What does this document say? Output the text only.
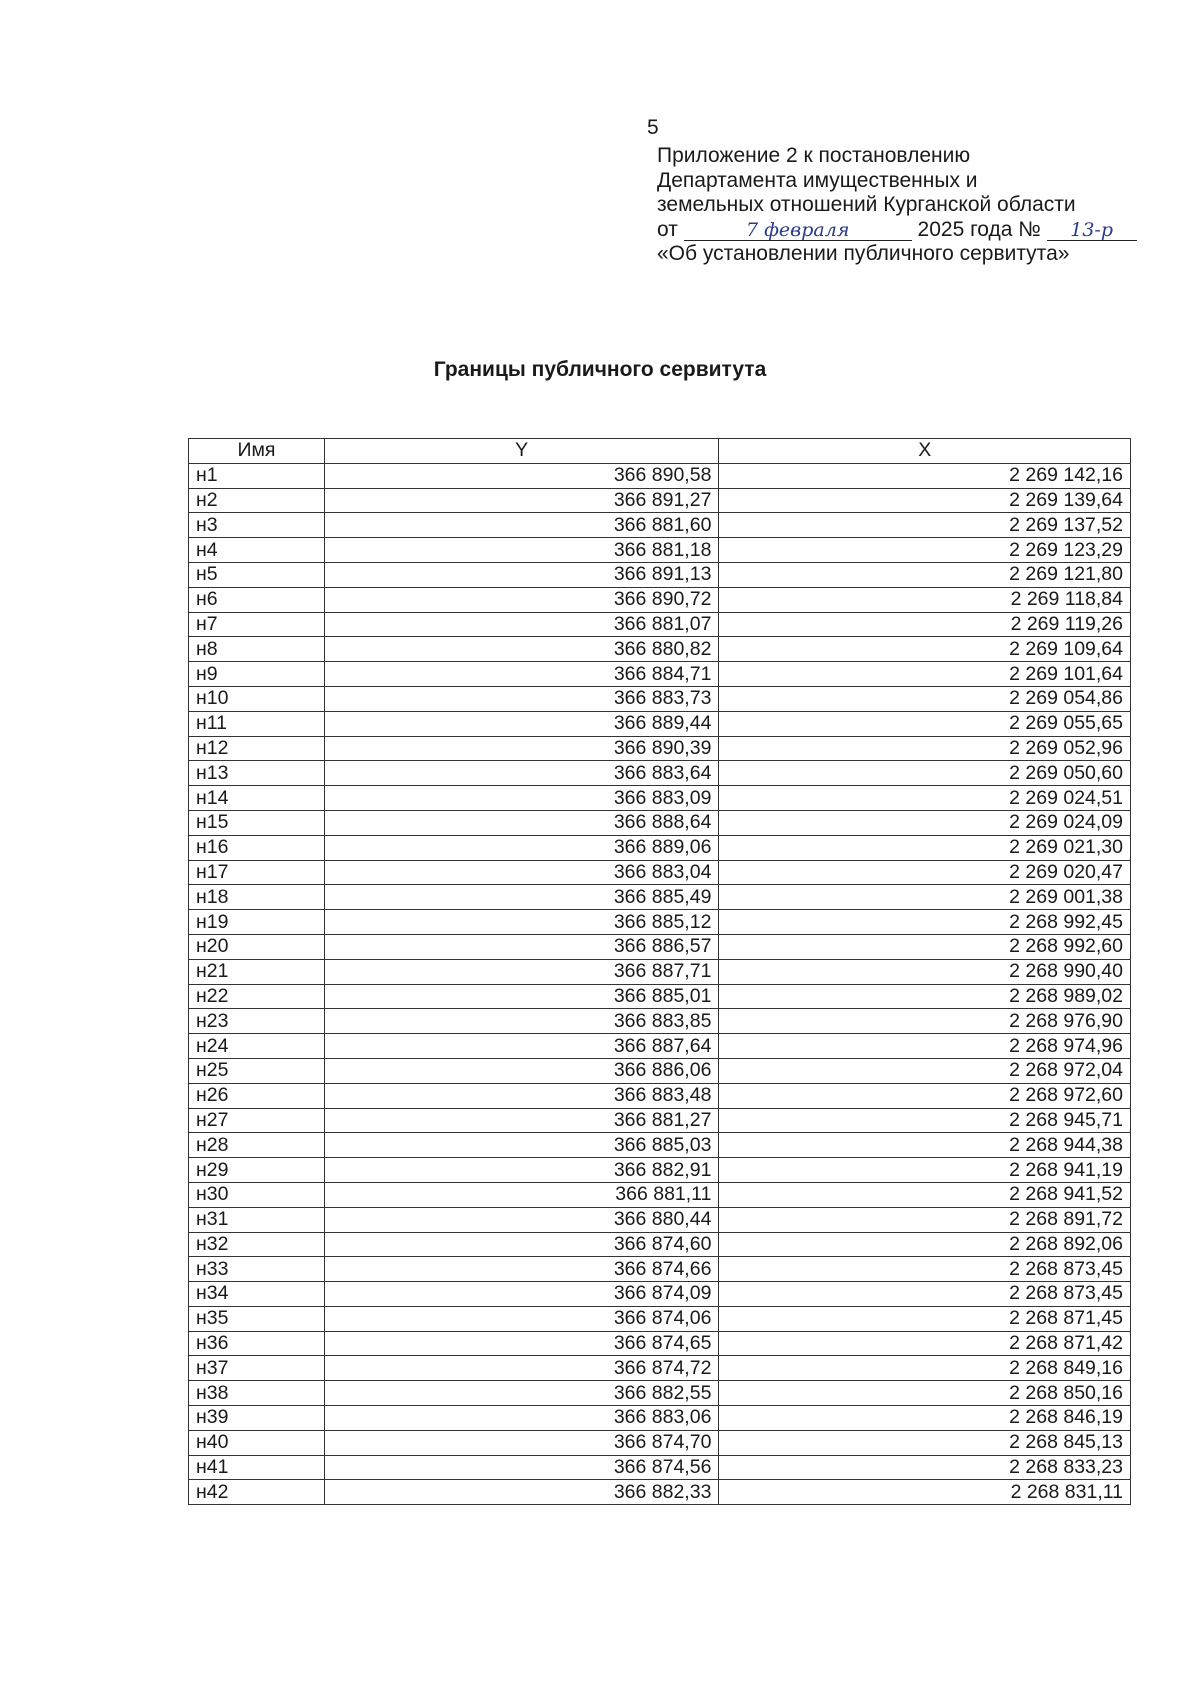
5
Приложение 2 к постановлению
Департамента имущественных и
земельных отношений Курганской области
от	7 февраля	2025 года № 13-р
«Об установлении публичного сервитута»
Границы публичного сервитута
Имя	Y	X
н1	366 890,58	2 269 142,16
н2	366 891,27	2 269 139,64
н3	366 881,60	2 269 137,52
н4	366 881,18	2 269 123,29
н5	366 891,13	2 269 121,80
н6	366 890,72	2 269 118,84
н7	366 881,07	2 269 119,26
н8	366 880,82	2 269 109,64
н9	366 884,71	2 269 101,64
н10	366 883,73	2 269 054,86
н11	366 889,44	2 269 055,65
н12	366 890,39	2 269 052,96
н13	366 883,64	2 269 050,60
н14	366 883,09	2 269 024,51
н15	366 888,64	2 269 024,09
н16	366 889,06	2 269 021,30
н17	366 883,04	2 269 020,47
н18	366 885,49	2 269 001,38
н19	366 885,12	2 268 992,45
н20	366 886,57	2 268 992,60
н21	366 887,71	2 268 990,40
н22	366 885,01	2 268 989,02
н23	366 883,85	2 268 976,90
н24	366 887,64	2 268 974,96
н25	366 886,06	2 268 972,04
н26	366 883,48	2 268 972,60
н27	366 881,27	2 268 945,71
н28	366 885,03	2 268 944,38
н29	366 882,91	2 268 941,19
н30	366 881,11	2 268 941,52
н31	366 880,44	2 268 891,72
н32	366 874,60	2 268 892,06
н33	366 874,66	2 268 873,45
н34	366 874,09	2 268 873,45
н35	366 874,06	2 268 871,45
н36	366 874,65	2 268 871,42
н37	366 874,72	2 268 849,16
н38	366 882,55	2 268 850,16
н39	366 883,06	2 268 846,19
н40	366 874,70	2 268 845,13
н41	366 874,56	2 268 833,23
н42	366 882,33	2 268 831,11
